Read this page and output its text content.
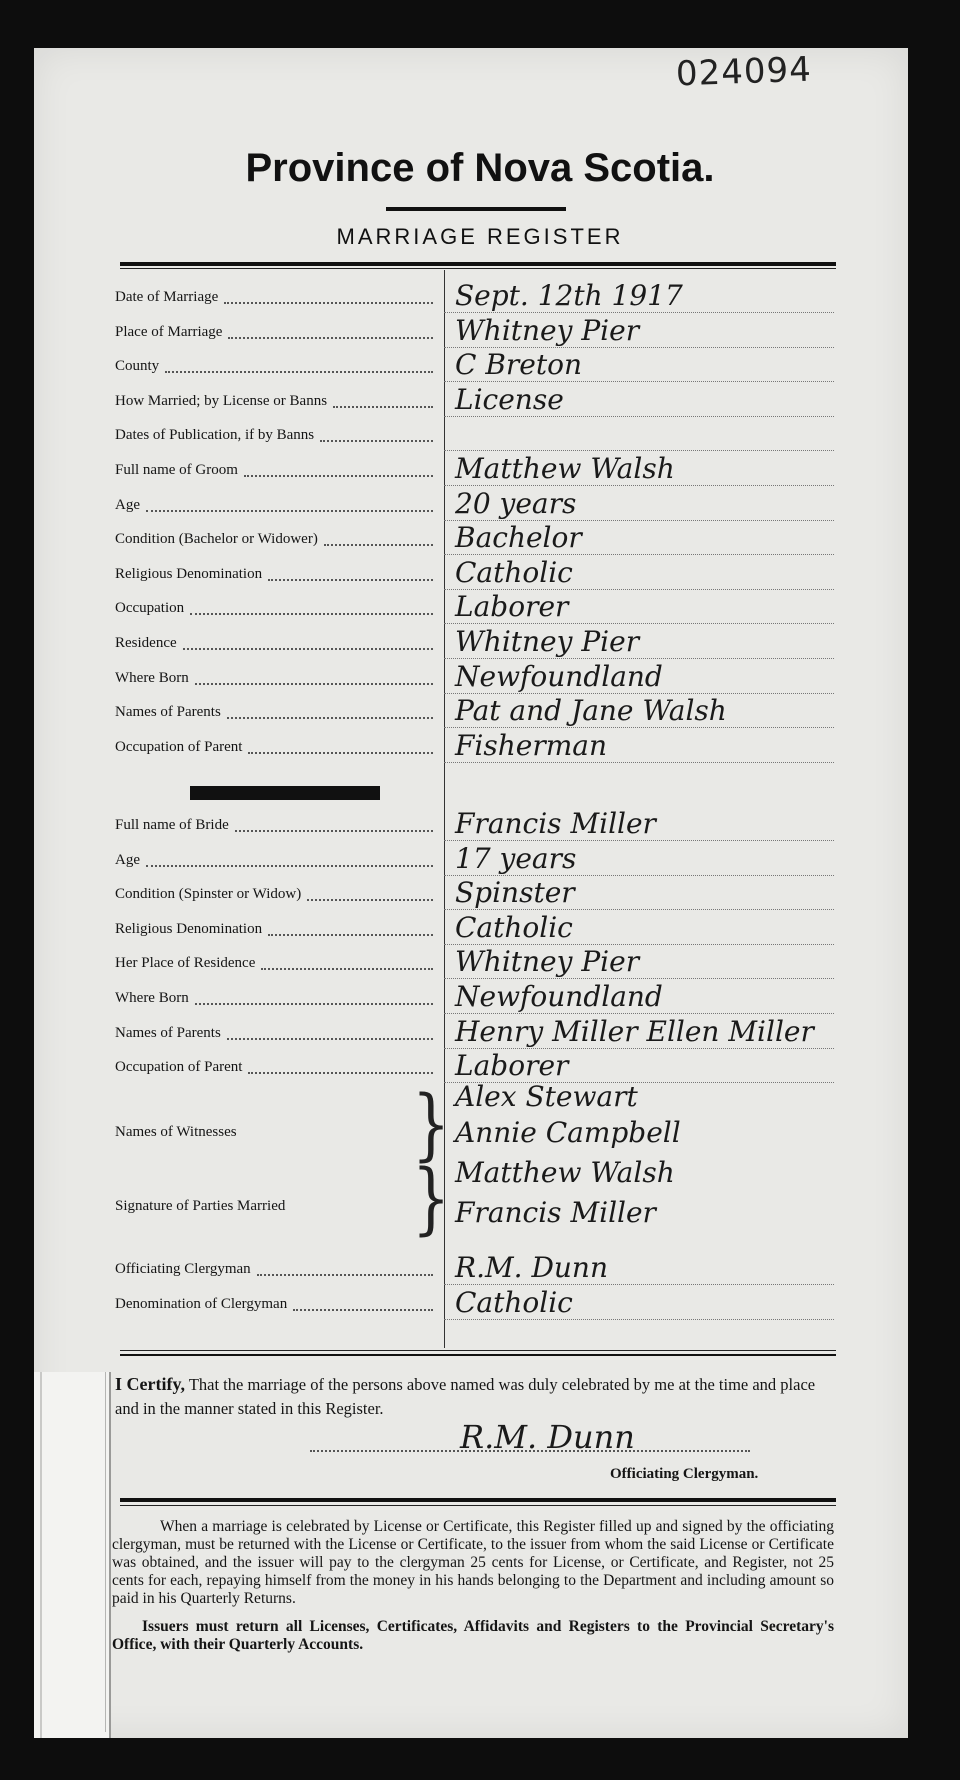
024094
Province of Nova Scotia.
MARRIAGE REGISTER
Date of Marriage	Sept. 12th 1917
Place of Marriage	Whitney Pier
County	C Breton
How Married; by License or Banns	License
Dates of Publication, if by Banns
Full name of Groom	Matthew Walsh
Age	20 years
Condition (Bachelor or Widower)	Bachelor
Religious Denomination	Catholic
Occupation	Laborer
Residence	Whitney Pier
Where Born	Newfoundland
Names of Parents	Pat and Jane Walsh
Occupation of Parent	Fisherman
Full name of Bride	Francis Miller
Age	17 years
Condition (Spinster or Widow)	Spinster
Religious Denomination	Catholic
Her Place of Residence	Whitney Pier
Where Born	Newfoundland
Names of Parents	Henry Miller Ellen Miller
Occupation of Parent	Laborer
Names of Witnesses	} Alex Stewart
Annie Campbell
Signature of Parties Married } Matthew Walsh
Francis Miller
Officiating Clergyman	R.M. Dunn
Denomination of Clergyman	Catholic
I Certify, That the marriage of the persons above named was duly celebrated by me at the time and place and in the manner stated in this Register.
R.M. Dunn
Officiating Clergyman.

When a marriage is celebrated by License or Certificate, this Register filled up and signed by the officiating clergyman, must be returned with the License or Certificate, to the issuer from whom the said License or Certificate was obtained, and the issuer will pay to the clergyman 25 cents for License, or Certificate, and Register, not 25 cents for each, repaying himself from the money in his hands belonging to the Department and including amount so paid in his Quarterly Returns.

Issuers must return all Licenses, Certificates, Affidavits and Registers to the Provincial Secretary's Office, with their Quarterly Accounts.
